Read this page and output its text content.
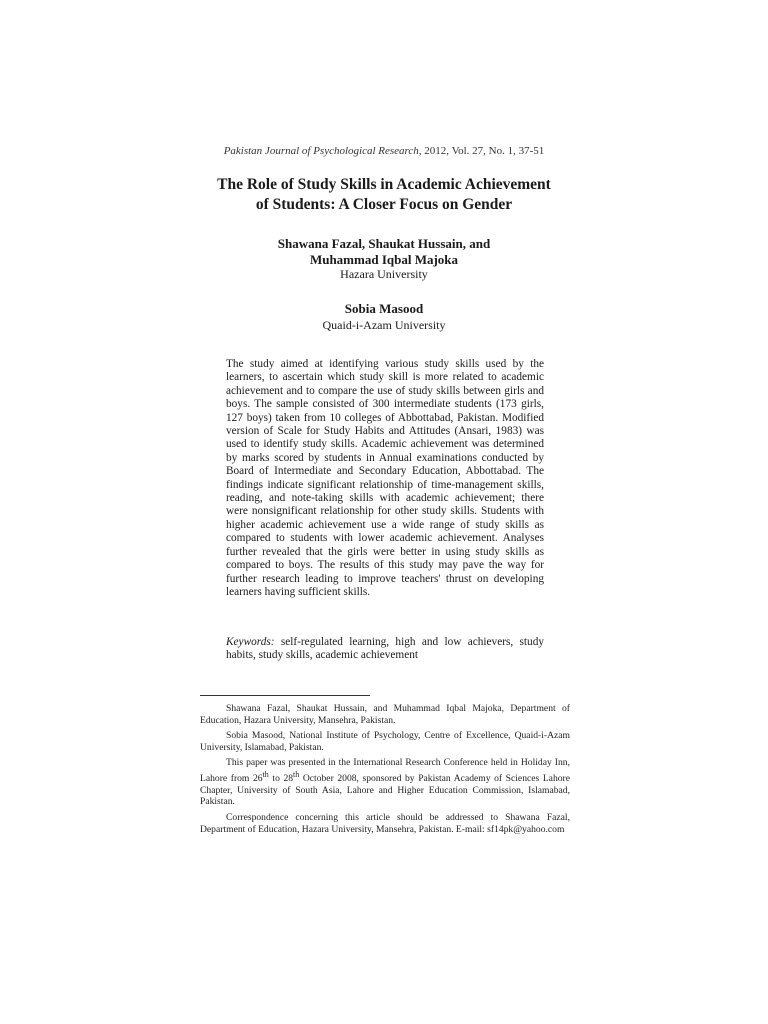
Pakistan Journal of Psychological Research, 2012, Vol. 27, No. 1, 37-51
The Role of Study Skills in Academic Achievement
of Students: A Closer Focus on Gender
Shawana Fazal, Shaukat Hussain, and
Muhammad Iqbal Majoka
Hazara University
Sobia Masood
Quaid-i-Azam University

The study aimed at identifying various study skills used by the learners, to ascertain which study skill is more related to academic achievement and to compare the use of study skills between girls and boys. The sample consisted of 300 intermediate students (173 girls, 127 boys) taken from 10 colleges of Abbottabad, Pakistan. Modified version of Scale for Study Habits and Attitudes (Ansari, 1983) was used to identify study skills. Academic achievement was determined by marks scored by students in Annual examinations conducted by Board of Intermediate and Secondary Education, Abbottabad. The findings indicate significant relationship of time-management skills, reading, and note-taking skills with academic achievement; there were nonsignificant relationship for other study skills. Students with higher academic achievement use a wide range of study skills as compared to students with lower academic achievement. Analyses further revealed that the girls were better in using study skills as compared to boys. The results of this study may pave the way for further research leading to improve teachers' thrust on developing learners having sufficient skills.

Keywords: self-regulated learning, high and low achievers, study habits, study skills, academic achievement

Shawana Fazal, Shaukat Hussain, and Muhammad Iqbal Majoka, Department of Education, Hazara University, Mansehra, Pakistan.

Sobia Masood, National Institute of Psychology, Centre of Excellence, Quaid-i-Azam University, Islamabad, Pakistan.

This paper was presented in the International Research Conference held in Holiday Inn, Lahore from 26th to 28th October 2008, sponsored by Pakistan Academy of Sciences Lahore Chapter, University of South Asia, Lahore and Higher Education Commission, Islamabad, Pakistan.

Correspondence concerning this article should be addressed to Shawana Fazal, Department of Education, Hazara University, Mansehra, Pakistan. E-mail: sf14pk@yahoo.com
